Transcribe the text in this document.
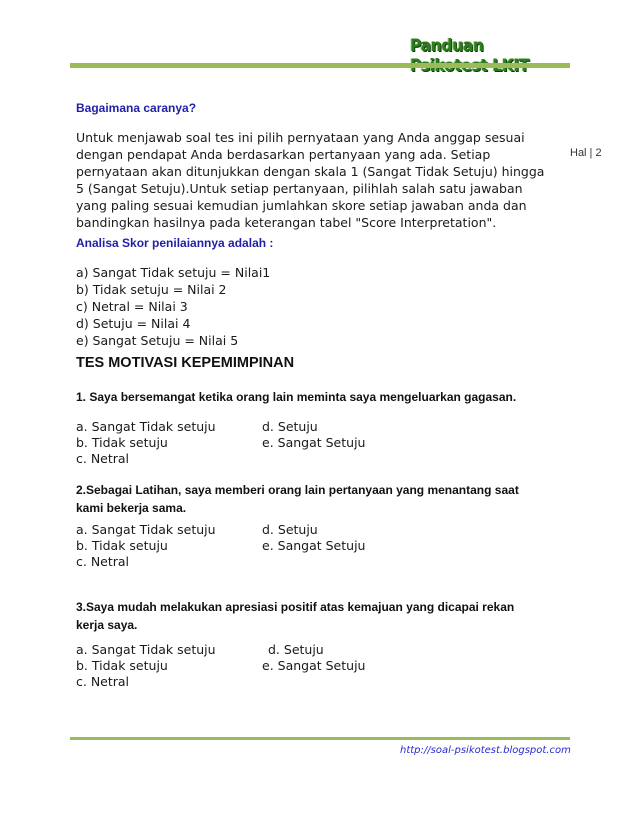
Panduan
Hal | 2
Bagaimana caranya?
Untuk menjawab soal tes ini pilih pernyataan yang Anda anggap sesuai
dengan pendapat Anda berdasarkan pertanyaan yang ada. Setiap
pernyataan akan ditunjukkan dengan skala 1 (Sangat Tidak Setuju) hingga
5 (Sangat Setuju).Untuk setiap pertanyaan, pilihlah salah satu jawaban
yang paling sesuai kemudian jumlahkan skore setiap jawaban anda dan
bandingkan hasilnya pada keterangan tabel "Score Interpretation".
Analisa Skor penilaiannya adalah :
a) Sangat Tidak setuju = Nilai1
b) Tidak setuju = Nilai 2
c) Netral = Nilai 3
d) Setuju = Nilai 4
e) Sangat Setuju = Nilai 5
TES MOTIVASI KEPEMIMPINAN
1. Saya bersemangat ketika orang lain meminta saya mengeluarkan gagasan.
a. Sangat Tidak setuju	d. Setuju
b. Tidak setuju	e. Sangat Setuju
c. Netral
2.Sebagai Latihan, saya memberi orang lain pertanyaan yang menantang saat
kami bekerja sama.
a. Sangat Tidak setuju	d. Setuju
b. Tidak setuju	e. Sangat Setuju
c. Netral
3.Saya mudah melakukan apresiasi positif atas kemajuan yang dicapai rekan
kerja saya.
a. Sangat Tidak setuju	d. Setuju
b. Tidak setuju	e. Sangat Setuju
c. Netral
http://soal-psikotest.blogspot.com
